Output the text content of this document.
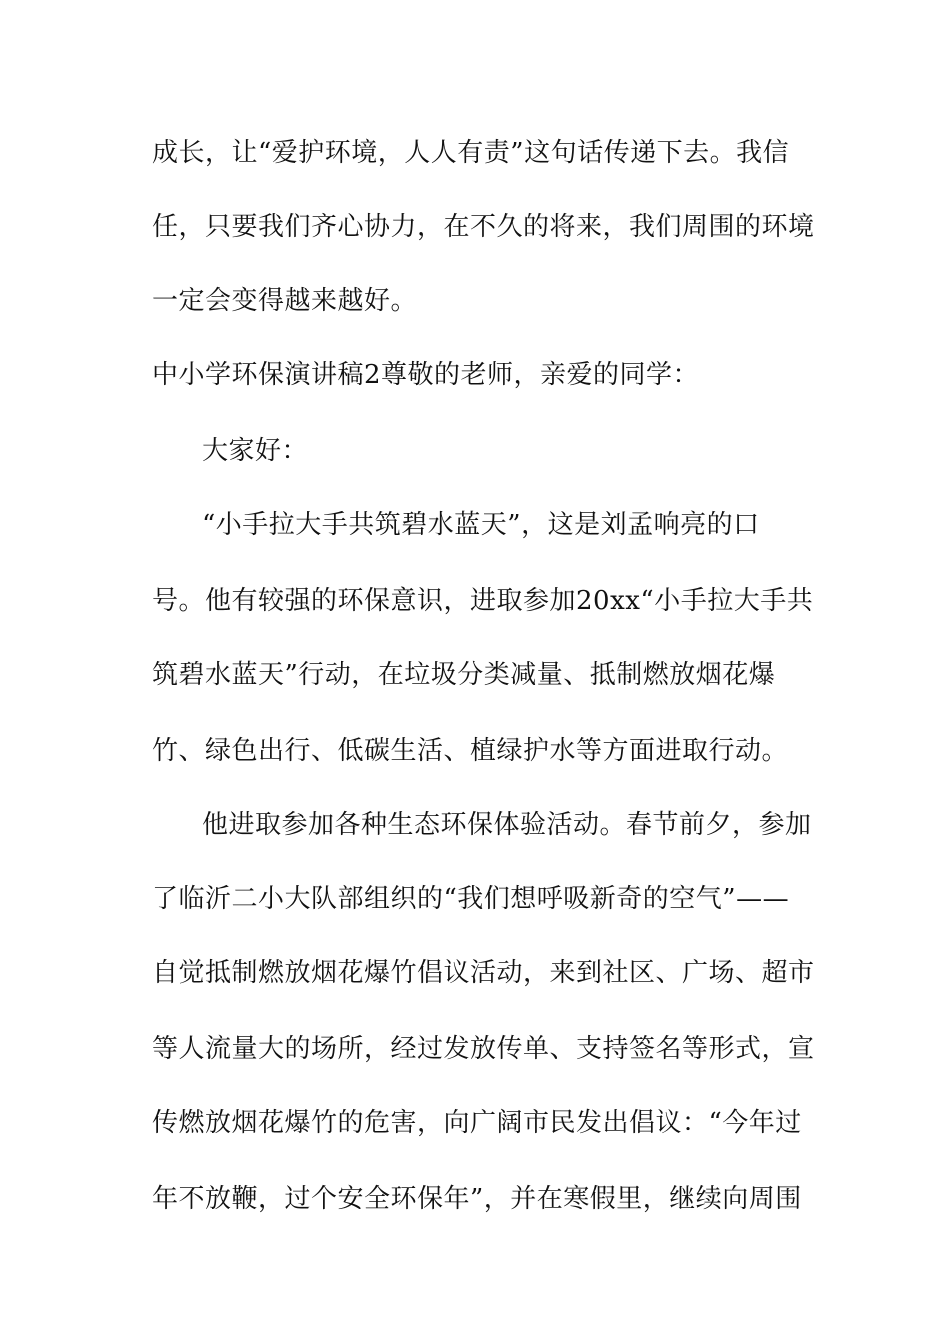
成长，让“爱护环境，人人有责”这句话传递下去。我信
任，只要我们齐心协力，在不久的将来，我们周围的环境
一定会变得越来越好。
中小学环保演讲稿2尊敬的老师，亲爱的同学：
大家好：
“小手拉大手共筑碧水蓝天”，这是刘孟响亮的口
号。他有较强的环保意识，进取参加20xx“小手拉大手共
筑碧水蓝天”行动，在垃圾分类减量、抵制燃放烟花爆
竹、绿色出行、低碳生活、植绿护水等方面进取行动。
他进取参加各种生态环保体验活动。春节前夕，参加
了临沂二小大队部组织的“我们想呼吸新奇的空气”——
自觉抵制燃放烟花爆竹倡议活动，来到社区、广场、超市
等人流量大的场所，经过发放传单、支持签名等形式，宣
传燃放烟花爆竹的危害，向广阔市民发出倡议：“今年过
年不放鞭，过个安全环保年”，并在寒假里，继续向周围
